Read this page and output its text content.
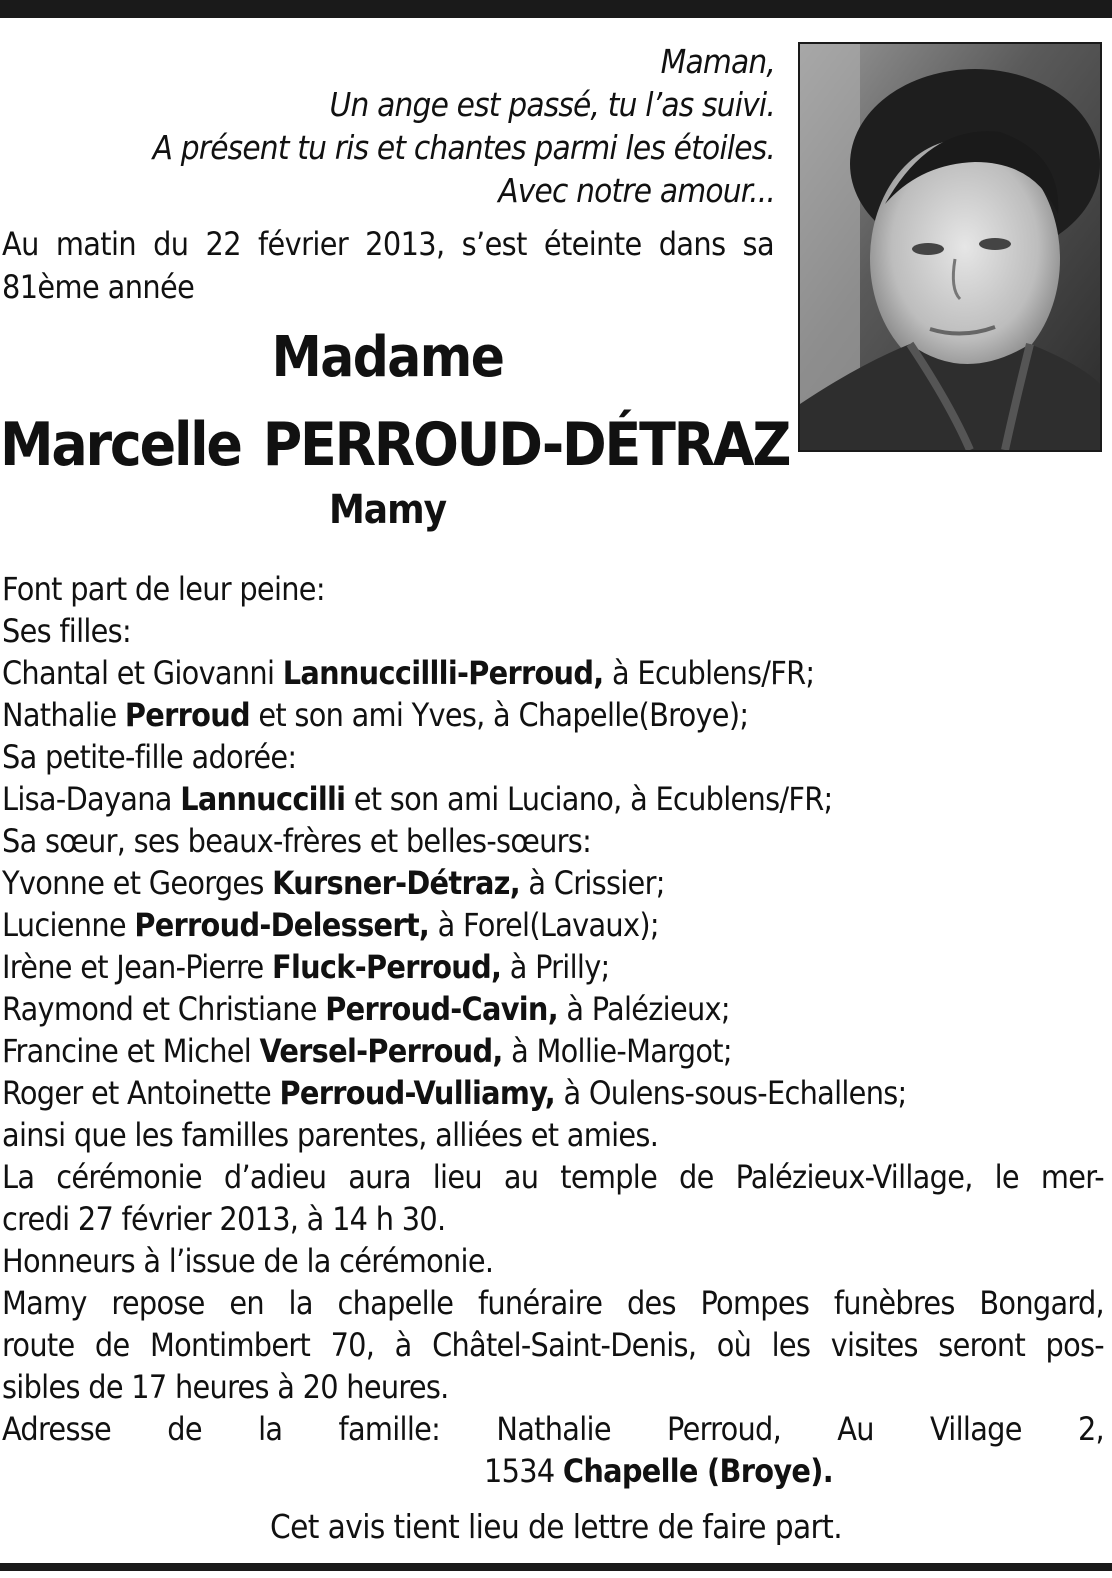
Maman,
Un ange est passé, tu l’as suivi.
A présent tu ris et chantes parmi les étoiles.
Avec notre amour...
Au matin du 22 février 2013, s’est éteinte dans sa
81ème année
Madame
Marcelle PERROUD-DÉTRAZ
Mamy
Font part de leur peine:
Ses filles:
Chantal et Giovanni Lannuccillli-Perroud, à Ecublens/FR;
Nathalie Perroud et son ami Yves, à Chapelle(Broye);
Sa petite-fille adorée:
Lisa-Dayana Lannuccilli et son ami Luciano, à Ecublens/FR;
Sa sœur, ses beaux-frères et belles-sœurs:
Yvonne et Georges Kursner-Détraz, à Crissier;
Lucienne Perroud-Delessert, à Forel(Lavaux);
Irène et Jean-Pierre Fluck-Perroud, à Prilly;
Raymond et Christiane Perroud-Cavin, à Palézieux;
Francine et Michel Versel-Perroud, à Mollie-Margot;
Roger et Antoinette Perroud-Vulliamy, à Oulens-sous-Echallens;
ainsi que les familles parentes, alliées et amies.
La cérémonie d’adieu aura lieu au temple de Palézieux-Village, le mer-
credi 27 février 2013, à 14 h 30.
Honneurs à l’issue de la cérémonie.
Mamy repose en la chapelle funéraire des Pompes funèbres Bongard,
route de Montimbert 70, à Châtel-Saint-Denis, où les visites seront pos-
sibles de 17 heures à 20 heures.
Adresse de la famille: Nathalie Perroud, Au Village 2,
1534 Chapelle (Broye).
Cet avis tient lieu de lettre de faire part.
